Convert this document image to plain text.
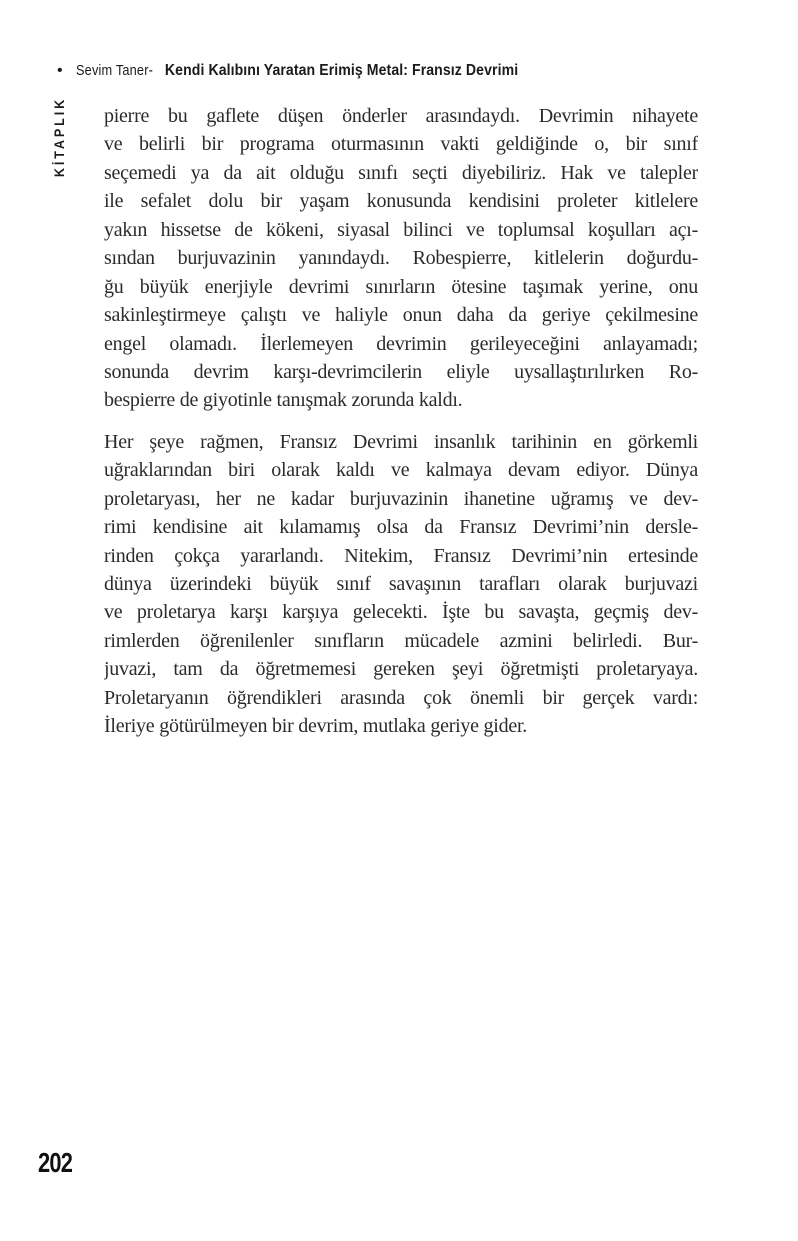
• Sevim Taner- Kendi Kalıbını Yaratan Erimiş Metal: Fransız Devrimi
KİTAPLIK pierre bu gaflete düşen önderler arasındaydı. Devrimin nihayete
ve belirli bir programa oturmasının vakti geldiğinde o, bir sınıf
seçemedi ya da ait olduğu sınıfı seçti diyebiliriz. Hak ve talepler
ile sefalet dolu bir yaşam konusunda kendisini proleter kitlelere
yakın hissetse de kökeni, siyasal bilinci ve toplumsal koşulları açı-
sından burjuvazinin yanındaydı. Robespierre, kitlelerin doğurdu-
ğu büyük enerjiyle devrimi sınırların ötesine taşımak yerine, onu
sakinleştirmeye çalıştı ve haliyle onun daha da geriye çekilmesine
engel olamadı. İlerlemeyen devrimin gerileyeceğini anlayamadı;
sonunda devrim karşı-devrimcilerin eliyle uysallaştırılırken Ro-
bespierre de giyotinle tanışmak zorunda kaldı.
Her şeye rağmen, Fransız Devrimi insanlık tarihinin en görkemli
uğraklarından biri olarak kaldı ve kalmaya devam ediyor. Dünya
proletaryası, her ne kadar burjuvazinin ihanetine uğramış ve dev-
rimi kendisine ait kılamamış olsa da Fransız Devrimi’nin dersle-
rinden çokça yararlandı. Nitekim, Fransız Devrimi’nin ertesinde
dünya üzerindeki büyük sınıf savaşının tarafları olarak burjuvazi
ve proletarya karşı karşıya gelecekti. İşte bu savaşta, geçmiş dev-
rimlerden öğrenilenler sınıfların mücadele azmini belirledi. Bur-
juvazi, tam da öğretmemesi gereken şeyi öğretmişti proletaryaya.
Proletaryanın öğrendikleri arasında çok önemli bir gerçek vardı:
İleriye götürülmeyen bir devrim, mutlaka geriye gider.
202
